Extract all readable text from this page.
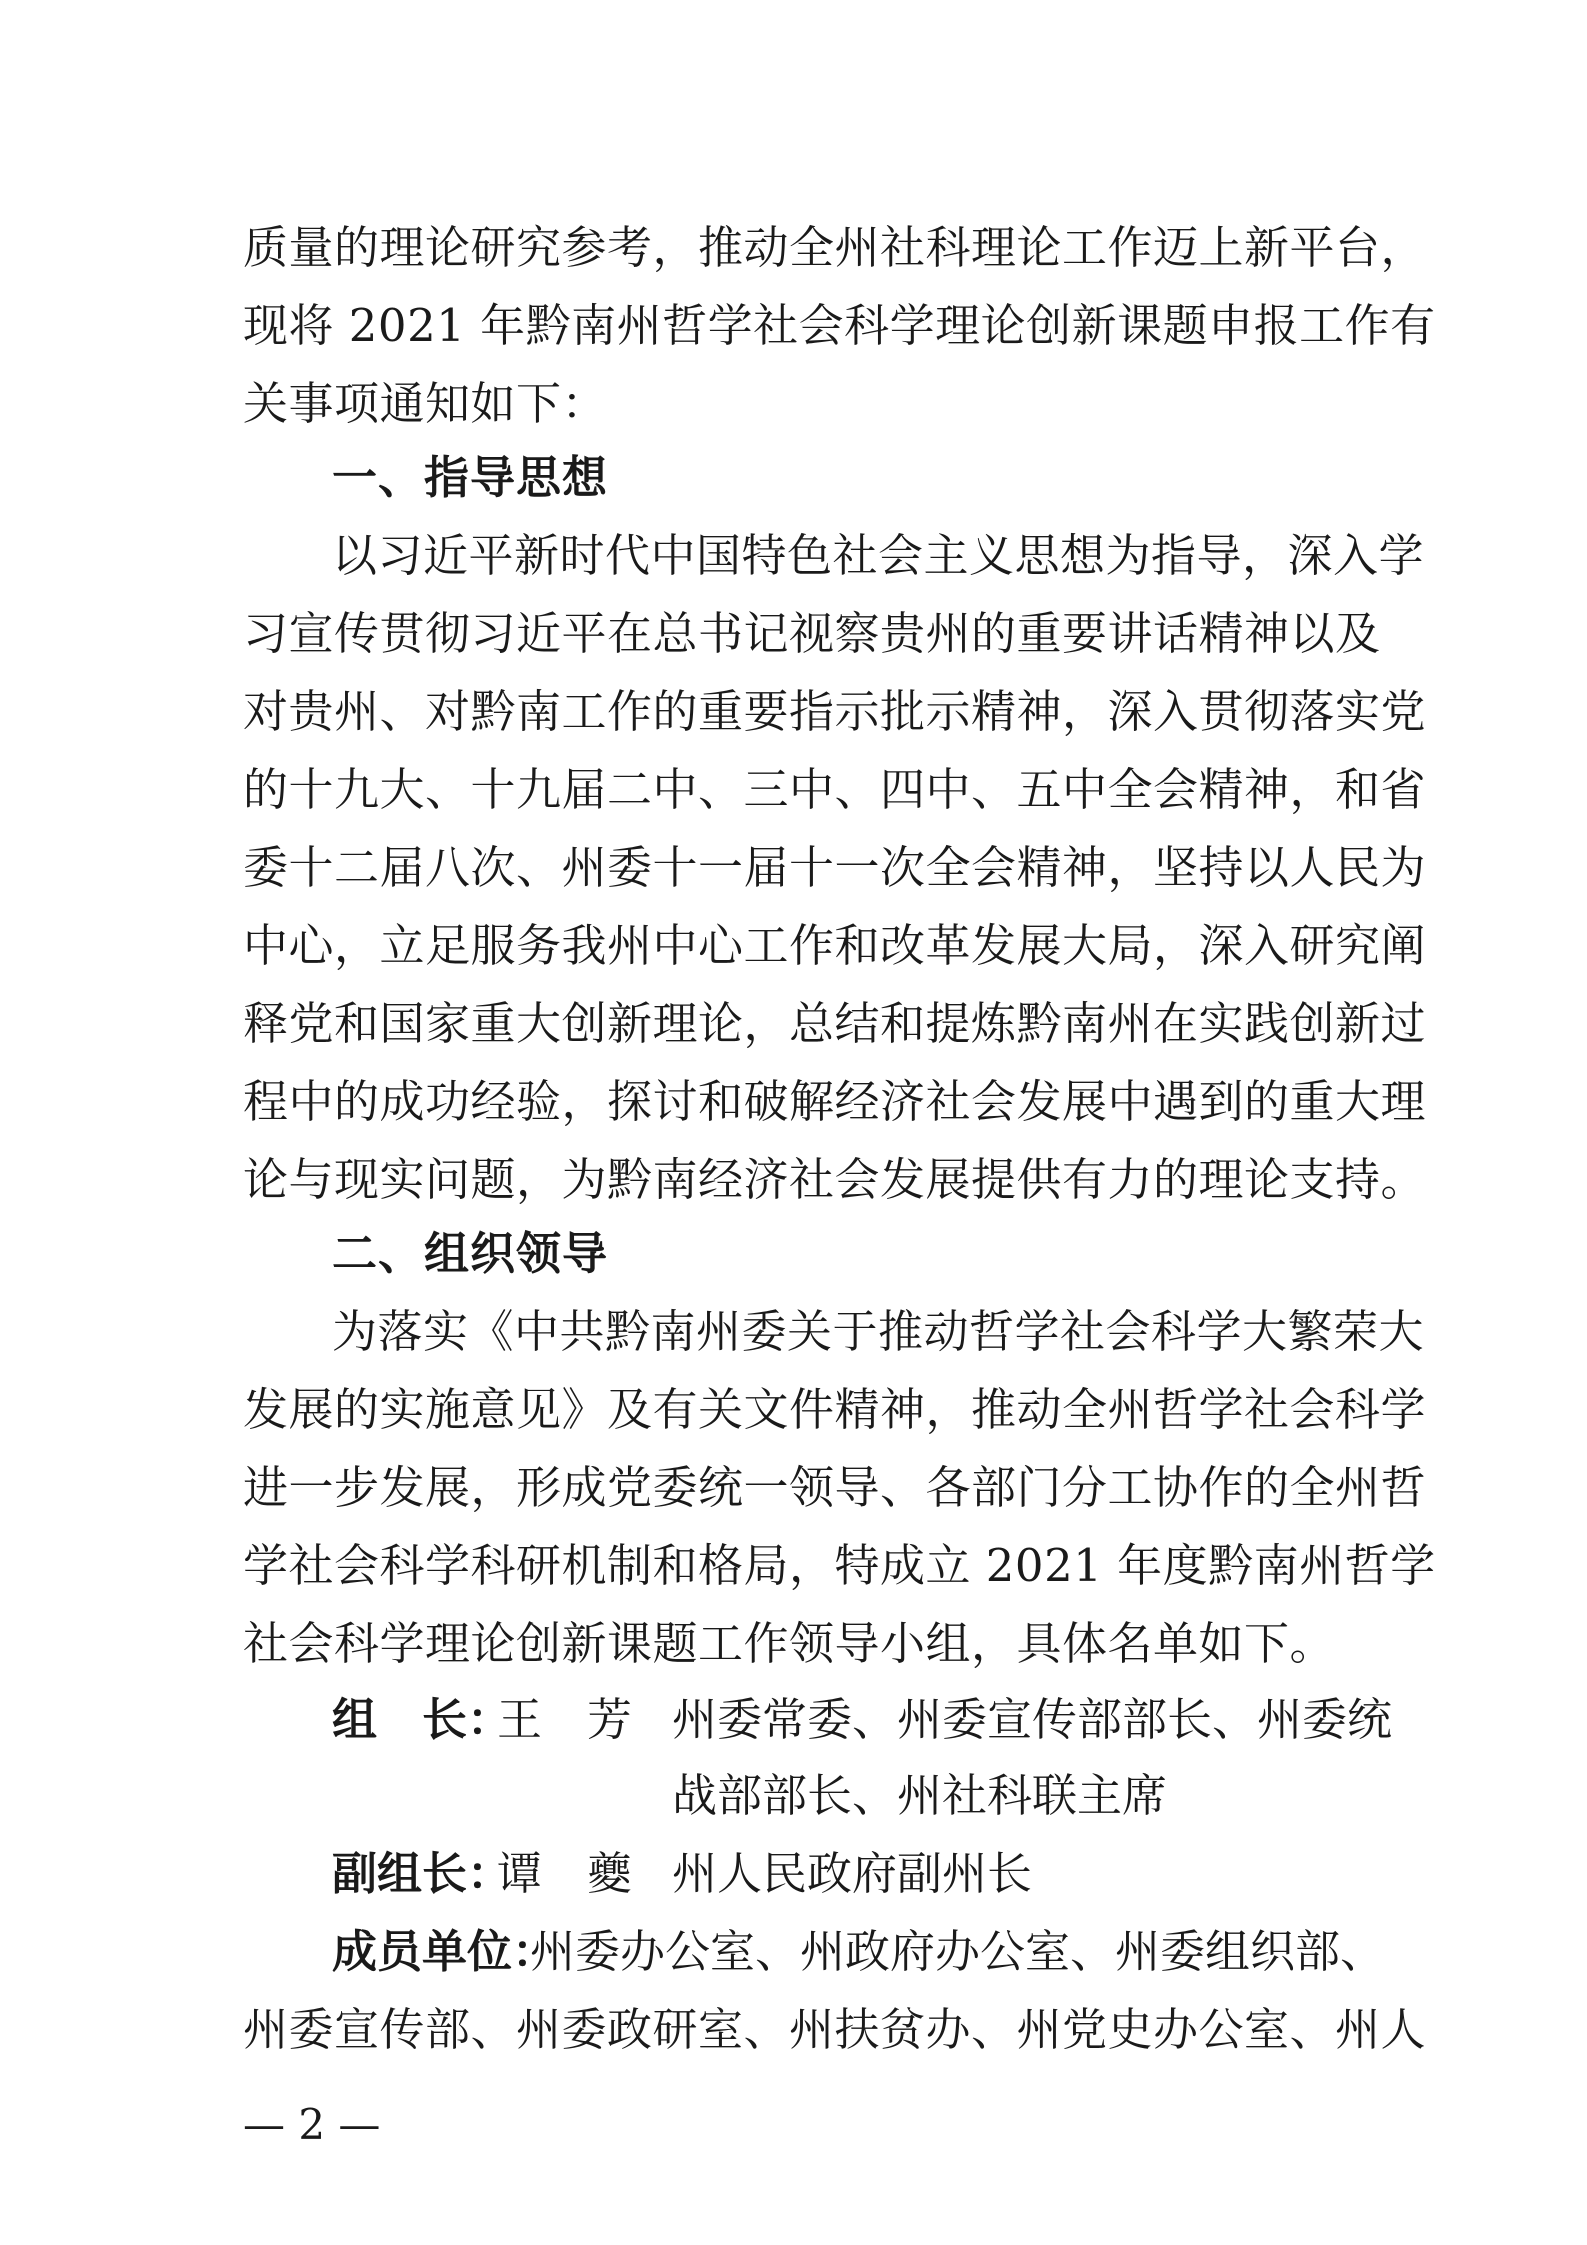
质量的理论研究参考，推动全州社科理论工作迈上新平台，
现将 2021 年黔南州哲学社会科学理论创新课题申报工作有
关事项通知如下：
一、指导思想
以习近平新时代中国特色社会主义思想为指导，深入学
习宣传贯彻习近平在总书记视察贵州的重要讲话精神以及
对贵州、对黔南工作的重要指示批示精神，深入贯彻落实党
的十九大、十九届二中、三中、四中、五中全会精神，和省
委十二届八次、州委十一届十一次全会精神，坚持以人民为
中心，立足服务我州中心工作和改革发展大局，深入研究阐
释党和国家重大创新理论，总结和提炼黔南州在实践创新过
程中的成功经验，探讨和破解经济社会发展中遇到的重大理
论与现实问题，为黔南经济社会发展提供有力的理论支持。
二、组织领导
为落实《中共黔南州委关于推动哲学社会科学大繁荣大
发展的实施意见》及有关文件精神，推动全州哲学社会科学
进一步发展，形成党委统一领导、各部门分工协作的全州哲
学社会科学科研机制和格局，特成立 2021 年度黔南州哲学
社会科学理论创新课题工作领导小组，具体名单如下。
组　长：
王　芳 州委常委、州委宣传部部长、州委统
战部部长、州社科联主席
副组长：
谭　夔 州人民政府副州长
成员单位：
州委办公室、州政府办公室、州委组织部、
州委宣传部、州委政研室、州扶贫办、州党史办公室、州人
— 2 —
